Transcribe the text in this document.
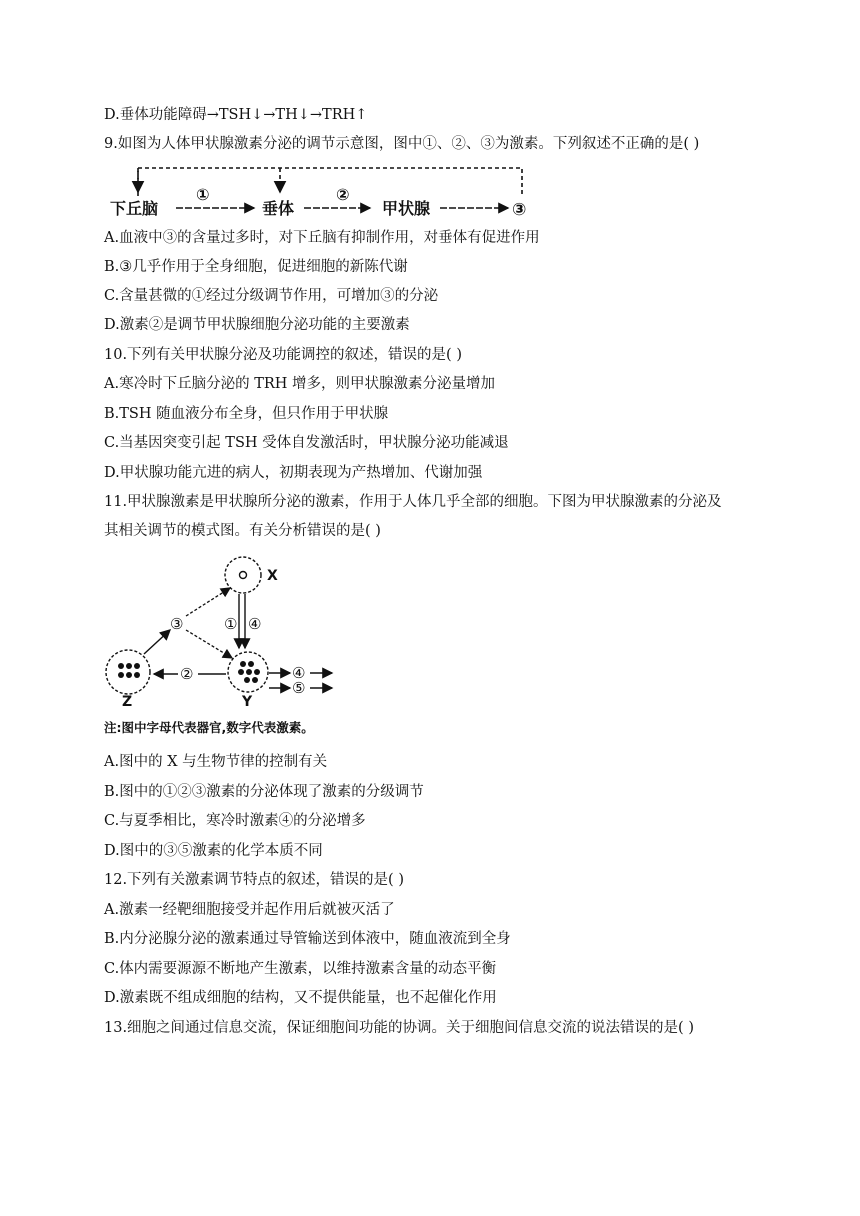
D.垂体功能障碍→TSH↓→TH↓→TRH↑
9.如图为人体甲状腺激素分泌的调节示意图，图中①、②、③为激素。下列叙述不正确的是( )
下丘脑	垂体	甲状腺
①	②
③
A.血液中③的含量过多时，对下丘脑有抑制作用，对垂体有促进作用
B.③几乎作用于全身细胞，促进细胞的新陈代谢
C.含量甚微的①经过分级调节作用，可增加③的分泌
D.激素②是调节甲状腺细胞分泌功能的主要激素
10.下列有关甲状腺分泌及功能调控的叙述，错误的是( )
A.寒冷时下丘脑分泌的 TRH 增多，则甲状腺激素分泌量增加
B.TSH 随血液分布全身，但只作用于甲状腺
C.当基因突变引起 TSH 受体自发激活时，甲状腺分泌功能减退
D.甲状腺功能亢进的病人，初期表现为产热增加、代谢加强
11.甲状腺激素是甲状腺所分泌的激素，作用于人体几乎全部的细胞。下图为甲状腺激素的分泌及
其相关调节的模式图。有关分析错误的是( )
X
Y
Z
③	① ④
②	④
⑤
注:图中字母代表器官,数字代表激素。
A.图中的 X 与生物节律的控制有关
B.图中的①②③激素的分泌体现了激素的分级调节
C.与夏季相比，寒冷时激素④的分泌增多
D.图中的③⑤激素的化学本质不同
12.下列有关激素调节特点的叙述，错误的是( )
A.激素一经靶细胞接受并起作用后就被灭活了
B.内分泌腺分泌的激素通过导管输送到体液中，随血液流到全身
C.体内需要源源不断地产生激素，以维持激素含量的动态平衡
D.激素既不组成细胞的结构，又不提供能量，也不起催化作用
13.细胞之间通过信息交流，保证细胞间功能的协调。关于细胞间信息交流的说法错误的是( )
